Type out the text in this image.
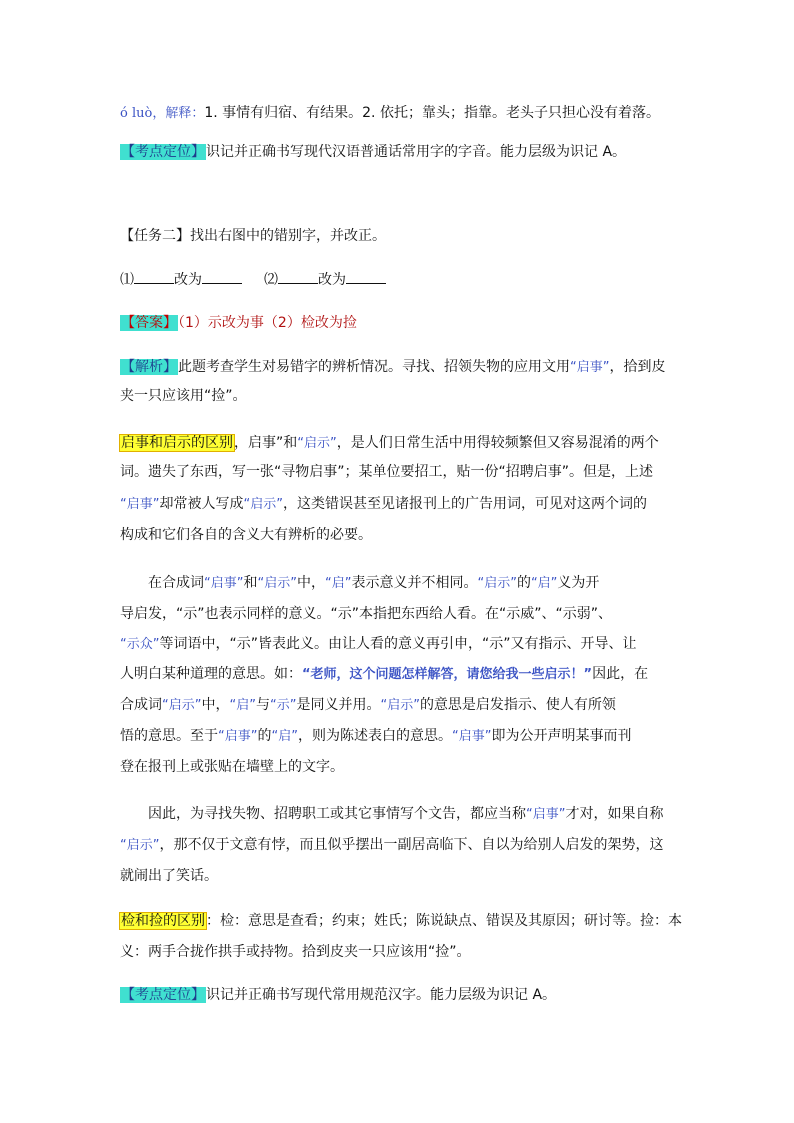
ó luò，解释：1. 事情有归宿、有结果。2. 依托；靠头；指靠。老头子只担心没有着落。
【考点定位】识记并正确书写现代汉语普通话常用字的字音。能力层级为识记 A。
【任务二】找出右图中的错别字，并改正。
⑴	改为	⑵	改为
【答案】（1）示改为事（2）检改为捡
【解析】此题考查学生对易错字的辨析情况。寻找、招领失物的应用文用“启事”，拾到皮
夹一只应该用“捡”。
启事和启示的区别，启事”和“启示”，是人们日常生活中用得较频繁但又容易混淆的两个
词。遗失了东西，写一张“寻物启事”；某单位要招工，贴一份“招聘启事”。但是，上述
“启事”却常被人写成“启示”，这类错误甚至见诸报刊上的广告用词，可见对这两个词的
构成和它们各自的含义大有辨析的必要。
在合成词“启事”和“启示”中，“启”表示意义并不相同。“启示”的“启”义为开
导启发，“示”也表示同样的意义。“示”本指把东西给人看。在“示威”、“示弱”、
“示众”等词语中，“示”皆表此义。由让人看的意义再引申，“示”又有指示、开导、让
人明白某种道理的意思。如：“老师，这个问题怎样解答，请您给我一些启示！”因此，在
合成词“启示”中，“启”与“示”是同义并用。“启示”的意思是启发指示、使人有所领
悟的意思。至于“启事”的“启”，则为陈述表白的意思。“启事”即为公开声明某事而刊
登在报刊上或张贴在墙壁上的文字。
因此，为寻找失物、招聘职工或其它事情写个文告，都应当称“启事”才对，如果自称
“启示”，那不仅于文意有悖，而且似乎摆出一副居高临下、自以为给别人启发的架势，这
就闹出了笑话。
检和捡的区别：检：意思是查看；约束；姓氏；陈说缺点、错误及其原因；研讨等。捡：本
义：两手合拢作拱手或持物。拾到皮夹一只应该用“捡”。
【考点定位】识记并正确书写现代常用规范汉字。能力层级为识记 A。
